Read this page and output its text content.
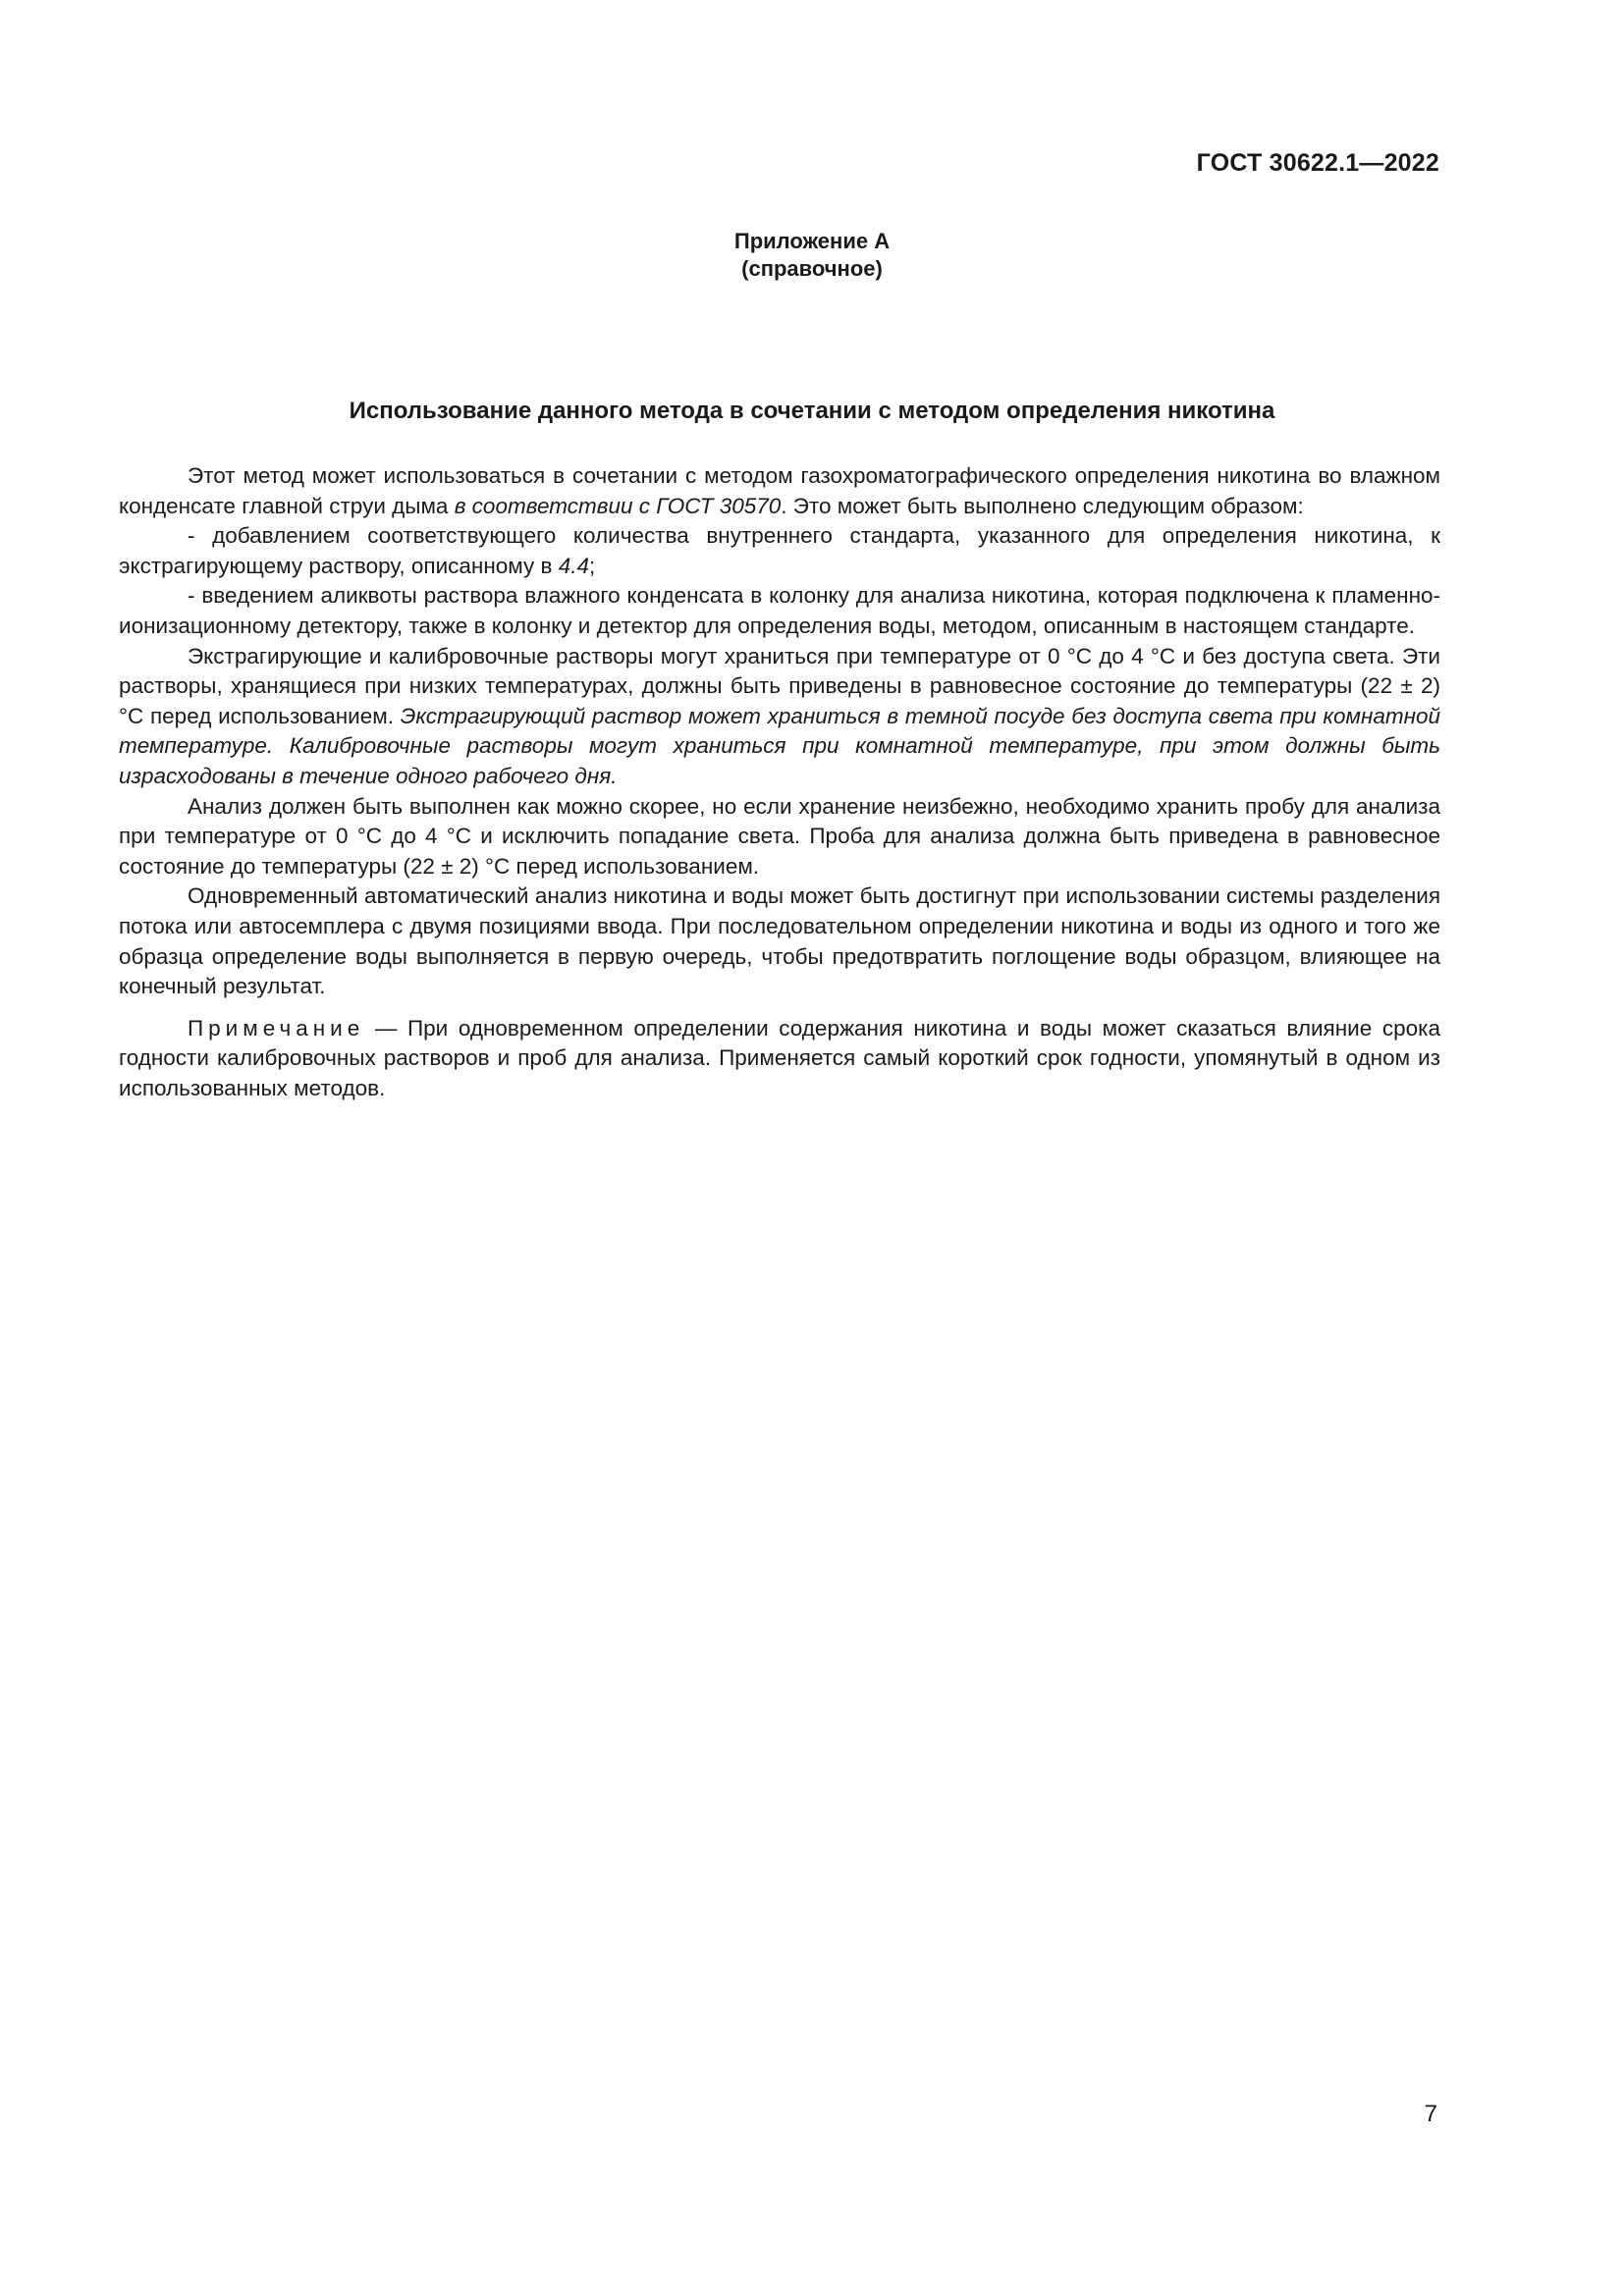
ГОСТ 30622.1—2022
Приложение А
(справочное)
Использование данного метода в сочетании с методом определения никотина

Этот метод может использоваться в сочетании с методом газохроматографического определения никотина во влажном конденсате главной струи дыма в соответствии с ГОСТ 30570. Это может быть выполнено следующим образом:

- добавлением соответствующего количества внутреннего стандарта, указанного для определения никотина, к экстрагирующему раствору, описанному в 4.4;

- введением аликвоты раствора влажного конденсата в колонку для анализа никотина, которая подключена к пламенно-ионизационному детектору, также в колонку и детектор для определения воды, методом, описанным в настоящем стандарте.

Экстрагирующие и калибровочные растворы могут храниться при температуре от 0 °С до 4 °С и без доступа света. Эти растворы, хранящиеся при низких температурах, должны быть приведены в равновесное состояние до температуры (22 ± 2) °С перед использованием. Экстрагирующий раствор может храниться в темной посуде без доступа света при комнатной температуре. Калибровочные растворы могут храниться при комнатной температуре, при этом должны быть израсходованы в течение одного рабочего дня.

Анализ должен быть выполнен как можно скорее, но если хранение неизбежно, необходимо хранить пробу для анализа при температуре от 0 °С до 4 °С и исключить попадание света. Проба для анализа должна быть приведена в равновесное состояние до температуры (22 ± 2) °С перед использованием.

Одновременный автоматический анализ никотина и воды может быть достигнут при использовании системы разделения потока или автосемплера с двумя позициями ввода. При последовательном определении никотина и воды из одного и того же образца определение воды выполняется в первую очередь, чтобы предотвратить поглощение воды образцом, влияющее на конечный результат.

Примечание — При одновременном определении содержания никотина и воды может сказаться влияние срока годности калибровочных растворов и проб для анализа. Применяется самый короткий срок годности, упомянутый в одном из использованных методов.

7
